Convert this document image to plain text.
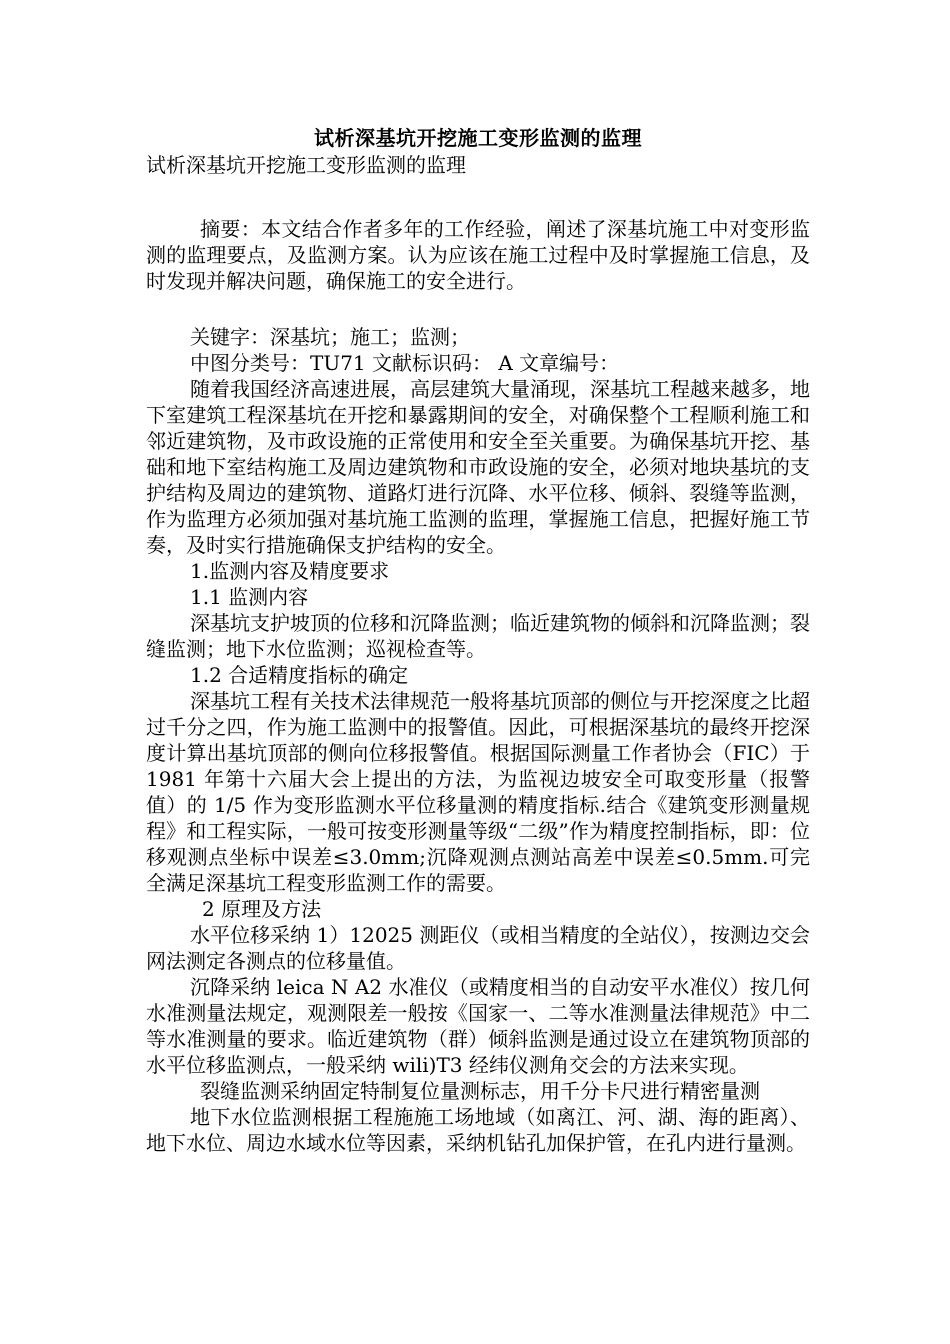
试析深基坑开挖施工变形监测的监理

试析深基坑开挖施工变形监测的监理

摘要：本文结合作者多年的工作经验，阐述了深基坑施工中对变形监测的监理要点，及监测方案。认为应该在施工过程中及时掌握施工信息，及时发现并解决问题，确保施工的安全进行。

关键字：深基坑；施工；监测；

中图分类号：TU71 文献标识码： A 文章编号：

随着我国经济高速进展，高层建筑大量涌现，深基坑工程越来越多，地下室建筑工程深基坑在开挖和暴露期间的安全，对确保整个工程顺利施工和邻近建筑物，及市政设施的正常使用和安全至关重要。为确保基坑开挖、基础和地下室结构施工及周边建筑物和市政设施的安全，必须对地块基坑的支护结构及周边的建筑物、道路灯进行沉降、水平位移、倾斜、裂缝等监测，作为监理方必须加强对基坑施工监测的监理，掌握施工信息，把握好施工节奏，及时实行措施确保支护结构的安全。

1.监测内容及精度要求

1.1 监测内容

深基坑支护坡顶的位移和沉降监测；临近建筑物的倾斜和沉降监测；裂缝监测；地下水位监测；巡视检查等。

1.2 合适精度指标的确定

深基坑工程有关技术法律规范一般将基坑顶部的侧位与开挖深度之比超过千分之四，作为施工监测中的报警值。因此，可根据深基坑的最终开挖深度计算出基坑顶部的侧向位移报警值。根据国际测量工作者协会（FIC）于 1981 年第十六届大会上提出的方法，为监视边坡安全可取变形量（报警值）的 1/5 作为变形监测水平位移量测的精度指标.结合《建筑变形测量规程》和工程实际，一般可按变形测量等级“二级”作为精度控制指标，即：位移观测点坐标中误差≤3.0mm;沉降观测点测站高差中误差≤0.5mm.可完全满足深基坑工程变形监测工作的需要。

2 原理及方法

水平位移采纳 1）12025 测距仪（或相当精度的全站仪），按测边交会网法测定各测点的位移量值。

沉降采纳 leica N A2 水准仪（或精度相当的自动安平水准仪）按几何水准测量法规定，观测限差一般按《国家一、二等水准测量法律规范》中二等水准测量的要求。临近建筑物（群）倾斜监测是通过设立在建筑物顶部的水平位移监测点，一般采纳 wili)T3 经纬仪测角交会的方法来实现。

裂缝监测采纳固定特制复位量测标志，用千分卡尺进行精密量测

地下水位监测根据工程施施工场地域（如离江、河、湖、海的距离）、地下水位、周边水域水位等因素，采纳机钻孔加保护管，在孔内进行量测。
